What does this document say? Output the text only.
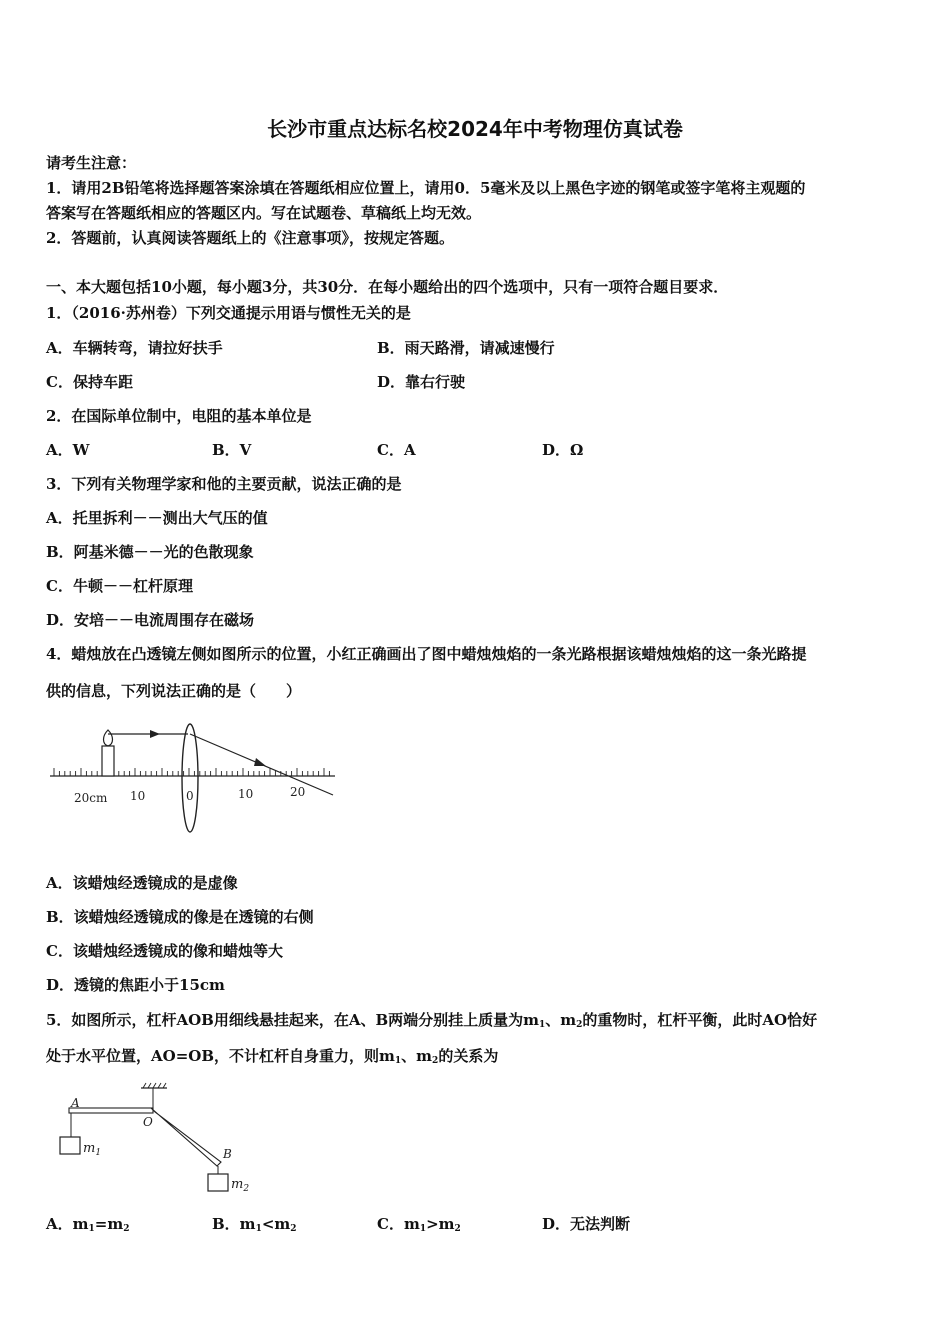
长沙市重点达标名校2024年中考物理仿真试卷
请考生注意：
1．请用2B铅笔将选择题答案涂填在答题纸相应位置上，请用0．5毫米及以上黑色字迹的钢笔或签字笔将主观题的
答案写在答题纸相应的答题区内。写在试题卷、草稿纸上均无效。
2．答题前，认真阅读答题纸上的《注意事项》，按规定答题。
一、本大题包括10小题，每小题3分，共30分．在每小题给出的四个选项中，只有一项符合题目要求．
1．（2016·苏州卷）下列交通提示用语与惯性无关的是
A．车辆转弯，请拉好扶手	B．雨天路滑，请减速慢行
C．保持车距	D．靠右行驶
2．在国际单位制中，电阻的基本单位是
A．W	B．V	C．A	D．Ω
3．下列有关物理学家和他的主要贡献，说法正确的是
A．托里拆利－－测出大气压的值
B．阿基米德－－光的色散现象
C．牛顿－－杠杆原理
D．安培－－电流周围存在磁场
4．蜡烛放在凸透镜左侧如图所示的位置，小红正确画出了图中蜡烛烛焰的一条光路根据该蜡烛烛焰的这一条光路提
供的信息，下列说法正确的是（　　）
20cm 10	0	10	20
A．该蜡烛经透镜成的是虚像
B．该蜡烛经透镜成的像是在透镜的右侧
C．该蜡烛经透镜成的像和蜡烛等大
D．透镜的焦距小于15cm
5．如图所示，杠杆AOB用细线悬挂起来，在A、B两端分别挂上质量为$m_1$、$m_2$的重物时，杠杆平衡，此时AO恰好
处于水平位置，AO=OB，不计杠杆自身重力，则$m_1$、$m_2$的关系为
A
O
B
$m_1$
$m_2$
A．$m_1=m_2$	B．$m_1<m_2$	C．$m_1>m_2$	D．无法判断
